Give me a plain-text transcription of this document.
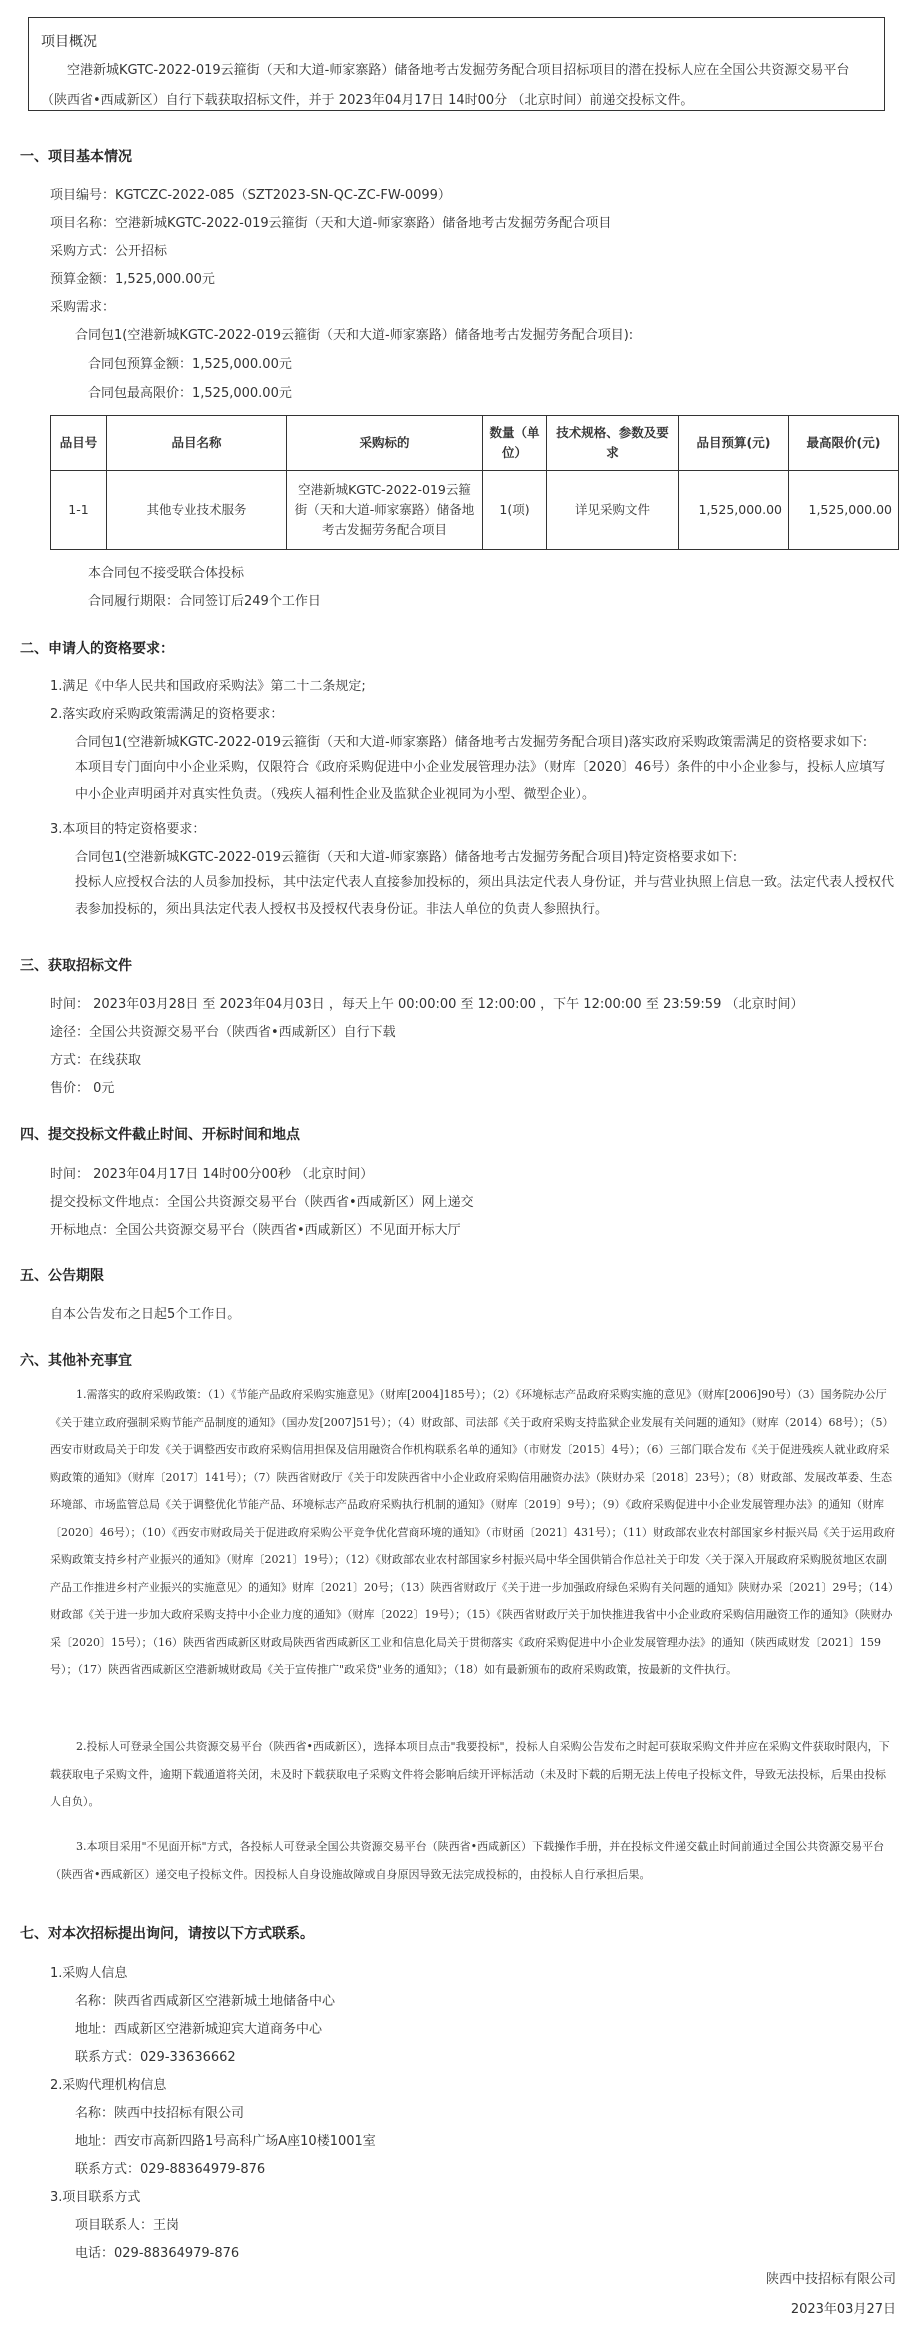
项目概况
空港新城KGTC-2022-019云箍街（天和大道-师家寨路）储备地考古发掘劳务配合项目招标项目的潜在投标人应在全国公共资源交易平台（陕西省•西咸新区）自行下载获取招标文件，并于 2023年04月17日 14时00分 （北京时间）前递交投标文件。
一、项目基本情况
项目编号：KGTCZC-2022-085（SZT2023-SN-QC-ZC-FW-0099）
项目名称：空港新城KGTC-2022-019云箍街（天和大道-师家寨路）储备地考古发掘劳务配合项目
采购方式：公开招标
预算金额：1,525,000.00元
采购需求：
合同包1(空港新城KGTC-2022-019云箍街（天和大道-师家寨路）储备地考古发掘劳务配合项目):
合同包预算金额：1,525,000.00元
合同包最高限价：1,525,000.00元
品目号	品目名称	采购标的	数量（单位）	技术规格、参数及要求	品目预算(元)	最高限价(元)
1-1	其他专业技术服务	空港新城KGTC-2022-019云箍街（天和大道-师家寨路）储备地考古发掘劳务配合项目	1(项)	详见采购文件	1,525,000.00	1,525,000.00
本合同包不接受联合体投标
合同履行期限：合同签订后249个工作日
二、申请人的资格要求：
1.满足《中华人民共和国政府采购法》第二十二条规定;
2.落实政府采购政策需满足的资格要求：
合同包1(空港新城KGTC-2022-019云箍街（天和大道-师家寨路）储备地考古发掘劳务配合项目)落实政府采购政策需满足的资格要求如下:
本项目专门面向中小企业采购，仅限符合《政府采购促进中小企业发展管理办法》（财库〔2020〕46号）条件的中小企业参与，投标人应填写中小企业声明函并对真实性负责。（残疾人福利性企业及监狱企业视同为小型、微型企业）。
3.本项目的特定资格要求：
合同包1(空港新城KGTC-2022-019云箍街（天和大道-师家寨路）储备地考古发掘劳务配合项目)特定资格要求如下:
投标人应授权合法的人员参加投标，其中法定代表人直接参加投标的，须出具法定代表人身份证，并与营业执照上信息一致。法定代表人授权代表参加投标的，须出具法定代表人授权书及授权代表身份证。非法人单位的负责人参照执行。
三、获取招标文件
时间： 2023年03月28日 至 2023年04月03日 ，每天上午 00:00:00 至 12:00:00 ，下午 12:00:00 至 23:59:59 （北京时间）
途径：全国公共资源交易平台（陕西省•西咸新区）自行下载
方式：在线获取
售价： 0元
四、提交投标文件截止时间、开标时间和地点
时间： 2023年04月17日 14时00分00秒 （北京时间）
提交投标文件地点：全国公共资源交易平台（陕西省•西咸新区）网上递交
开标地点：全国公共资源交易平台（陕西省•西咸新区）不见面开标大厅
五、公告期限
自本公告发布之日起5个工作日。
六、其他补充事宜
1.需落实的政府采购政策：（1）《节能产品政府采购实施意见》（财库[2004]185号）；（2）《环境标志产品政府采购实施的意见》（财库[2006]90号）（3）国务院办公厅《关于建立政府强制采购节能产品制度的通知》（国办发[2007]51号）；（4）财政部、司法部《关于政府采购支持监狱企业发展有关问题的通知》（财库（2014）68号）；（5）西安市财政局关于印发《关于调整西安市政府采购信用担保及信用融资合作机构联系名单的通知》（市财发〔2015〕4号）；（6）三部门联合发布《关于促进残疾人就业政府采购政策的通知》（财库〔2017〕141号）；（7）陕西省财政厅《关于印发陕西省中小企业政府采购信用融资办法》（陕财办采〔2018〕23号）；（8）财政部、发展改革委、生态环境部、市场监管总局《关于调整优化节能产品、环境标志产品政府采购执行机制的通知》（财库〔2019〕9号）；（9）《政府采购促进中小企业发展管理办法》的通知（财库〔2020〕46号）；（10）《西安市财政局关于促进政府采购公平竞争优化营商环境的通知》（市财函〔2021〕431号）；（11）财政部农业农村部国家乡村振兴局《关于运用政府采购政策支持乡村产业振兴的通知》（财库〔2021〕19号）；（12）《财政部农业农村部国家乡村振兴局中华全国供销合作总社关于印发〈关于深入开展政府采购脱贫地区农副产品工作推进乡村产业振兴的实施意见〉的通知》财库〔2021〕20号；（13）陕西省财政厅《关于进一步加强政府绿色采购有关问题的通知》陕财办采〔2021〕29号；（14）财政部《关于进一步加大政府采购支持中小企业力度的通知》（财库〔2022〕19号）；（15）《陕西省财政厅关于加快推进我省中小企业政府采购信用融资工作的通知》（陕财办采〔2020〕15号）；（16）陕西省西咸新区财政局陕西省西咸新区工业和信息化局关于贯彻落实《政府采购促进中小企业发展管理办法》的通知（陕西咸财发〔2021〕159号）；（17）陕西省西咸新区空港新城财政局《关于宣传推广"政采贷"业务的通知》；（18）如有最新颁布的政府采购政策，按最新的文件执行。
2.投标人可登录全国公共资源交易平台（陕西省•西咸新区），选择本项目点击"我要投标"，投标人自采购公告发布之时起可获取采购文件并应在采购文件获取时限内，下载获取电子采购文件，逾期下载通道将关闭，未及时下载获取电子采购文件将会影响后续开评标活动（未及时下载的后期无法上传电子投标文件，导致无法投标，后果由投标人自负）。
3.本项目采用"不见面开标"方式，各投标人可登录全国公共资源交易平台（陕西省•西咸新区）下载操作手册，并在投标文件递交截止时间前通过全国公共资源交易平台（陕西省•西咸新区）递交电子投标文件。因投标人自身设施故障或自身原因导致无法完成投标的，由投标人自行承担后果。
七、对本次招标提出询问，请按以下方式联系。
1.采购人信息
名称：陕西省西咸新区空港新城土地储备中心
地址：西咸新区空港新城迎宾大道商务中心
联系方式：029-33636662
2.采购代理机构信息
名称：陕西中技招标有限公司
地址：西安市高新四路1号高科广场A座10楼1001室
联系方式：029-88364979-876
3.项目联系方式
项目联系人：王岗
电话：029-88364979-876
陕西中技招标有限公司
2023年03月27日
